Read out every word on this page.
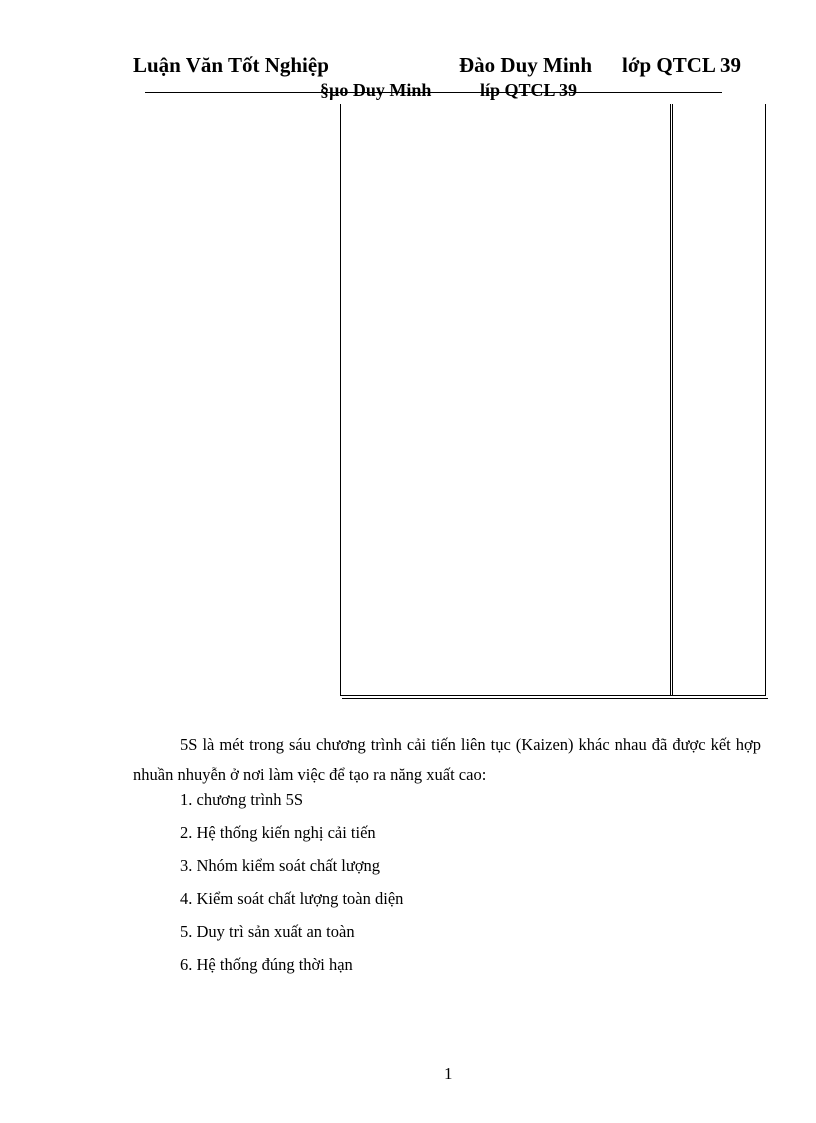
Luận Văn Tốt Nghiệp	Đào Duy Minh lớp QTCL 39
§µo Duy Minh	líp QTCL 39
5S là mét trong sáu chương trình cải tiến liên tục (Kaizen) khác nhau đã được kết hợp nhuần nhuyễn ở nơi làm việc để tạo ra năng xuất cao:
1. chương trình 5S
2. Hệ thống kiến nghị cải tiến
3. Nhóm kiểm soát chất lượng
4. Kiểm soát chất lượng toàn diện
5. Duy trì sản xuất an toàn
6. Hệ thống đúng thời hạn
1
